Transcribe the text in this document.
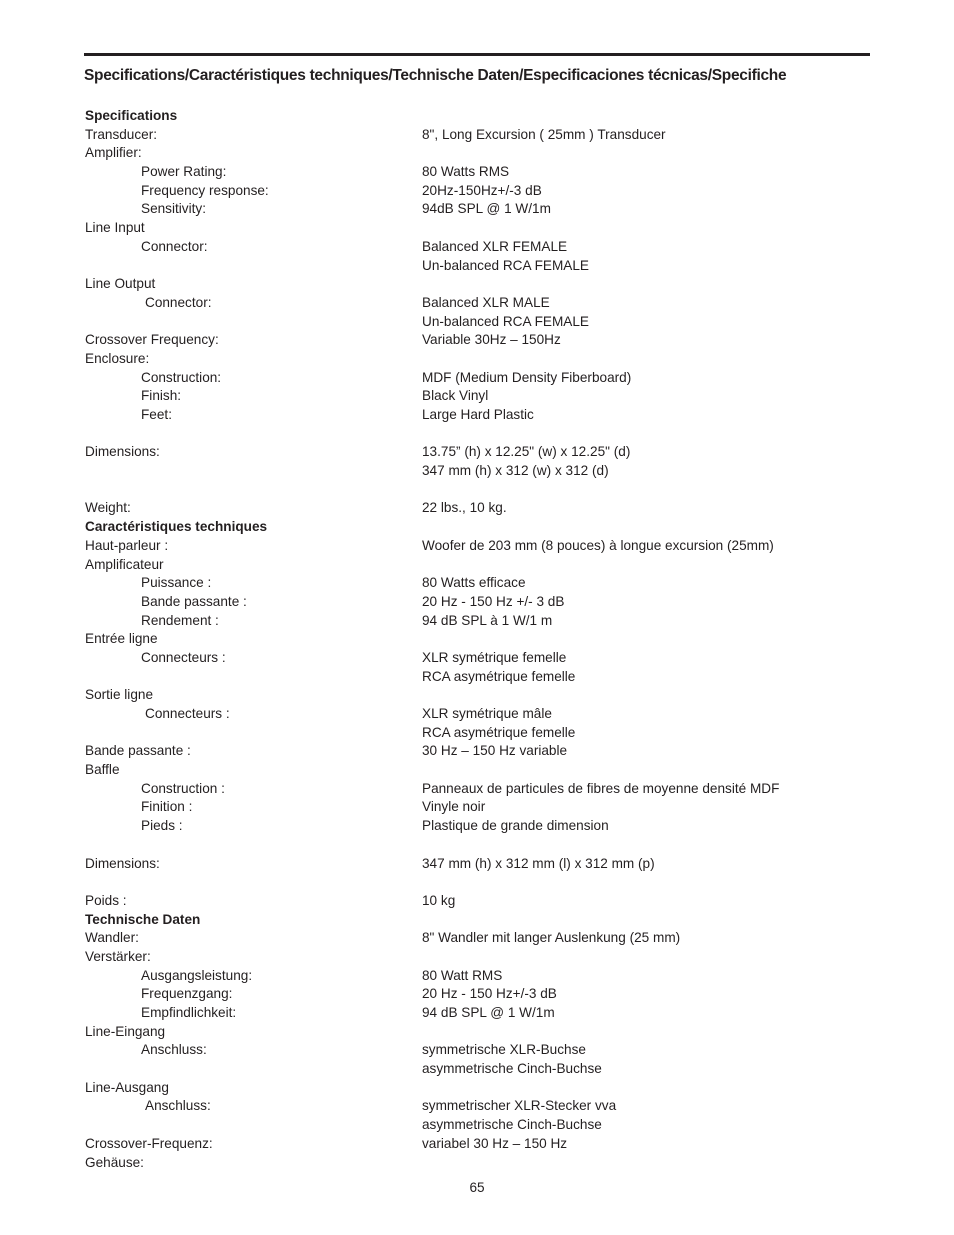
Specifications/Caractéristiques techniques/Technische Daten/Especificaciones técnicas/Specifiche
Specifications
Transducer:	8", Long Excursion ( 25mm ) Transducer
Amplifier:
Power Rating:	80 Watts RMS
Frequency response:	20Hz-150Hz+/-3 dB
Sensitivity:	94dB SPL @ 1 W/1m
Line Input
Connector:	Balanced XLR FEMALE
Un-balanced RCA FEMALE
Line Output
Connector:	Balanced XLR MALE
Un-balanced RCA FEMALE
Crossover Frequency:	Variable 30Hz – 150Hz
Enclosure:
Construction:	MDF (Medium Density Fiberboard)
Finish:	Black Vinyl
Feet:	Large Hard Plastic
Dimensions:	13.75” (h) x 12.25" (w) x 12.25" (d)
347 mm (h) x 312 (w) x 312 (d)
Weight:	22 lbs., 10 kg.
Caractéristiques techniques
Haut-parleur :	Woofer de 203 mm (8 pouces) à longue excursion (25mm)
Amplificateur
Puissance :	80 Watts efficace
Bande passante :	20 Hz - 150 Hz +/- 3 dB
Rendement :	94 dB SPL à 1 W/1 m
Entrée ligne
Connecteurs :	XLR symétrique femelle
RCA asymétrique femelle
Sortie ligne
Connecteurs :	XLR symétrique mâle
RCA asymétrique femelle
Bande passante :	30 Hz – 150 Hz variable
Baffle
Construction :	Panneaux de particules de fibres de moyenne densité MDF
Finition :	Vinyle noir
Pieds :	Plastique de grande dimension
Dimensions:	347 mm (h) x 312 mm (l) x 312 mm (p)
Poids :	10 kg
Technische Daten
Wandler:	8" Wandler mit langer Auslenkung (25 mm)
Verstärker:
Ausgangsleistung:	80 Watt RMS
Frequenzgang:	20 Hz - 150 Hz+/-3 dB
Empfindlichkeit:	94 dB SPL @ 1 W/1m
Line-Eingang
Anschluss:	symmetrische XLR-Buchse
asymmetrische Cinch-Buchse
Line-Ausgang
Anschluss:	symmetrischer XLR-Stecker vva
asymmetrische Cinch-Buchse
Crossover-Frequenz:	variabel 30 Hz – 150 Hz
Gehäuse:
65
